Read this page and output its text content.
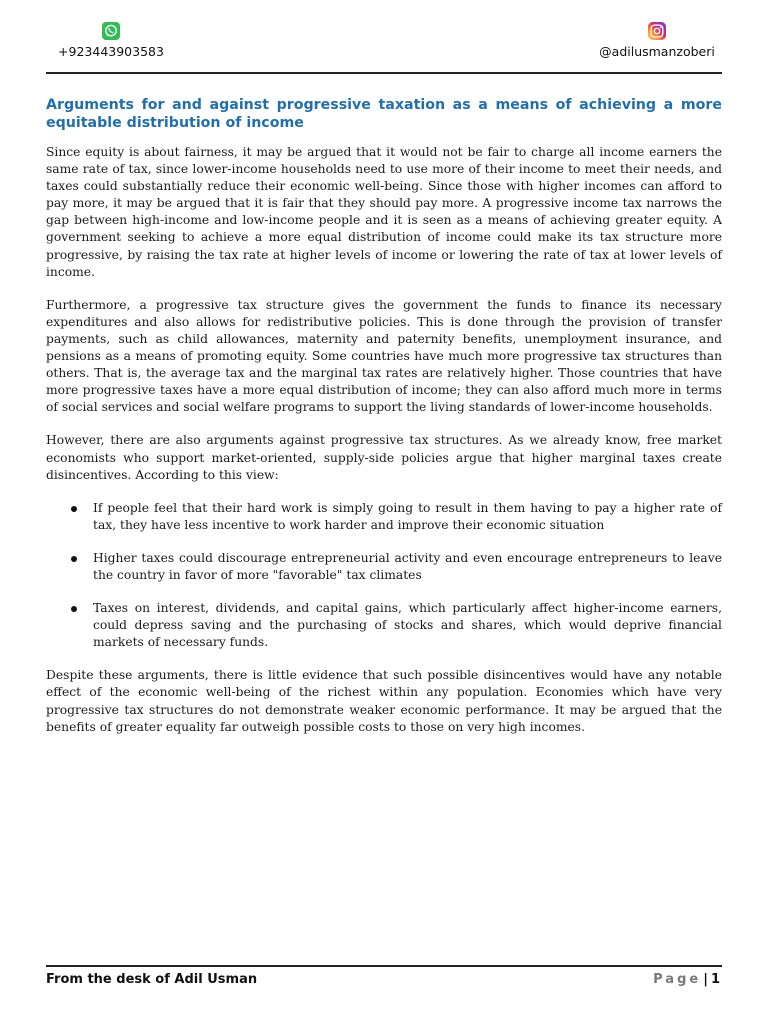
+923443903583	@adilusmanzoberi
Arguments for and against progressive taxation as a means of achieving a more equitable distribution of income

Since equity is about fairness, it may be argued that it would not be fair to charge all income earners the same rate of tax, since lower-income households need to use more of their income to meet their needs, and taxes could substantially reduce their economic well-being. Since those with higher incomes can afford to pay more, it may be argued that it is fair that they should pay more. A progressive income tax narrows the gap between high-income and low-income people and it is seen as a means of achieving greater equity. A government seeking to achieve a more equal distribution of income could make its tax structure more progressive, by raising the tax rate at higher levels of income or lowering the rate of tax at lower levels of income.

Furthermore, a progressive tax structure gives the government the funds to finance its necessary expenditures and also allows for redistributive policies. This is done through the provision of transfer payments, such as child allowances, maternity and paternity benefits, unemployment insurance, and pensions as a means of promoting equity. Some countries have much more progressive tax structures than others. That is, the average tax and the marginal tax rates are relatively higher. Those countries that have more progressive taxes have a more equal distribution of income; they can also afford much more in terms of social services and social welfare programs to support the living standards of lower-income households.

However, there are also arguments against progressive tax structures. As we already know, free market economists who support market-oriented, supply-side policies argue that higher marginal taxes create disincentives. According to this view:

If people feel that their hard work is simply going to result in them having to pay a higher rate of tax, they have less incentive to work harder and improve their economic situation
Higher taxes could discourage entrepreneurial activity and even encourage entrepreneurs to leave the country in favor of more "favorable" tax climates
Taxes on interest, dividends, and capital gains, which particularly affect higher-income earners, could depress saving and the purchasing of stocks and shares, which would deprive financial markets of necessary funds.

Despite these arguments, there is little evidence that such possible disincentives would have any notable effect of the economic well-being of the richest within any population. Economies which have very progressive tax structures do not demonstrate weaker economic performance. It may be argued that the benefits of greater equality far outweigh possible costs to those on very high incomes.

From the desk of Adil Usman	Page | 1
